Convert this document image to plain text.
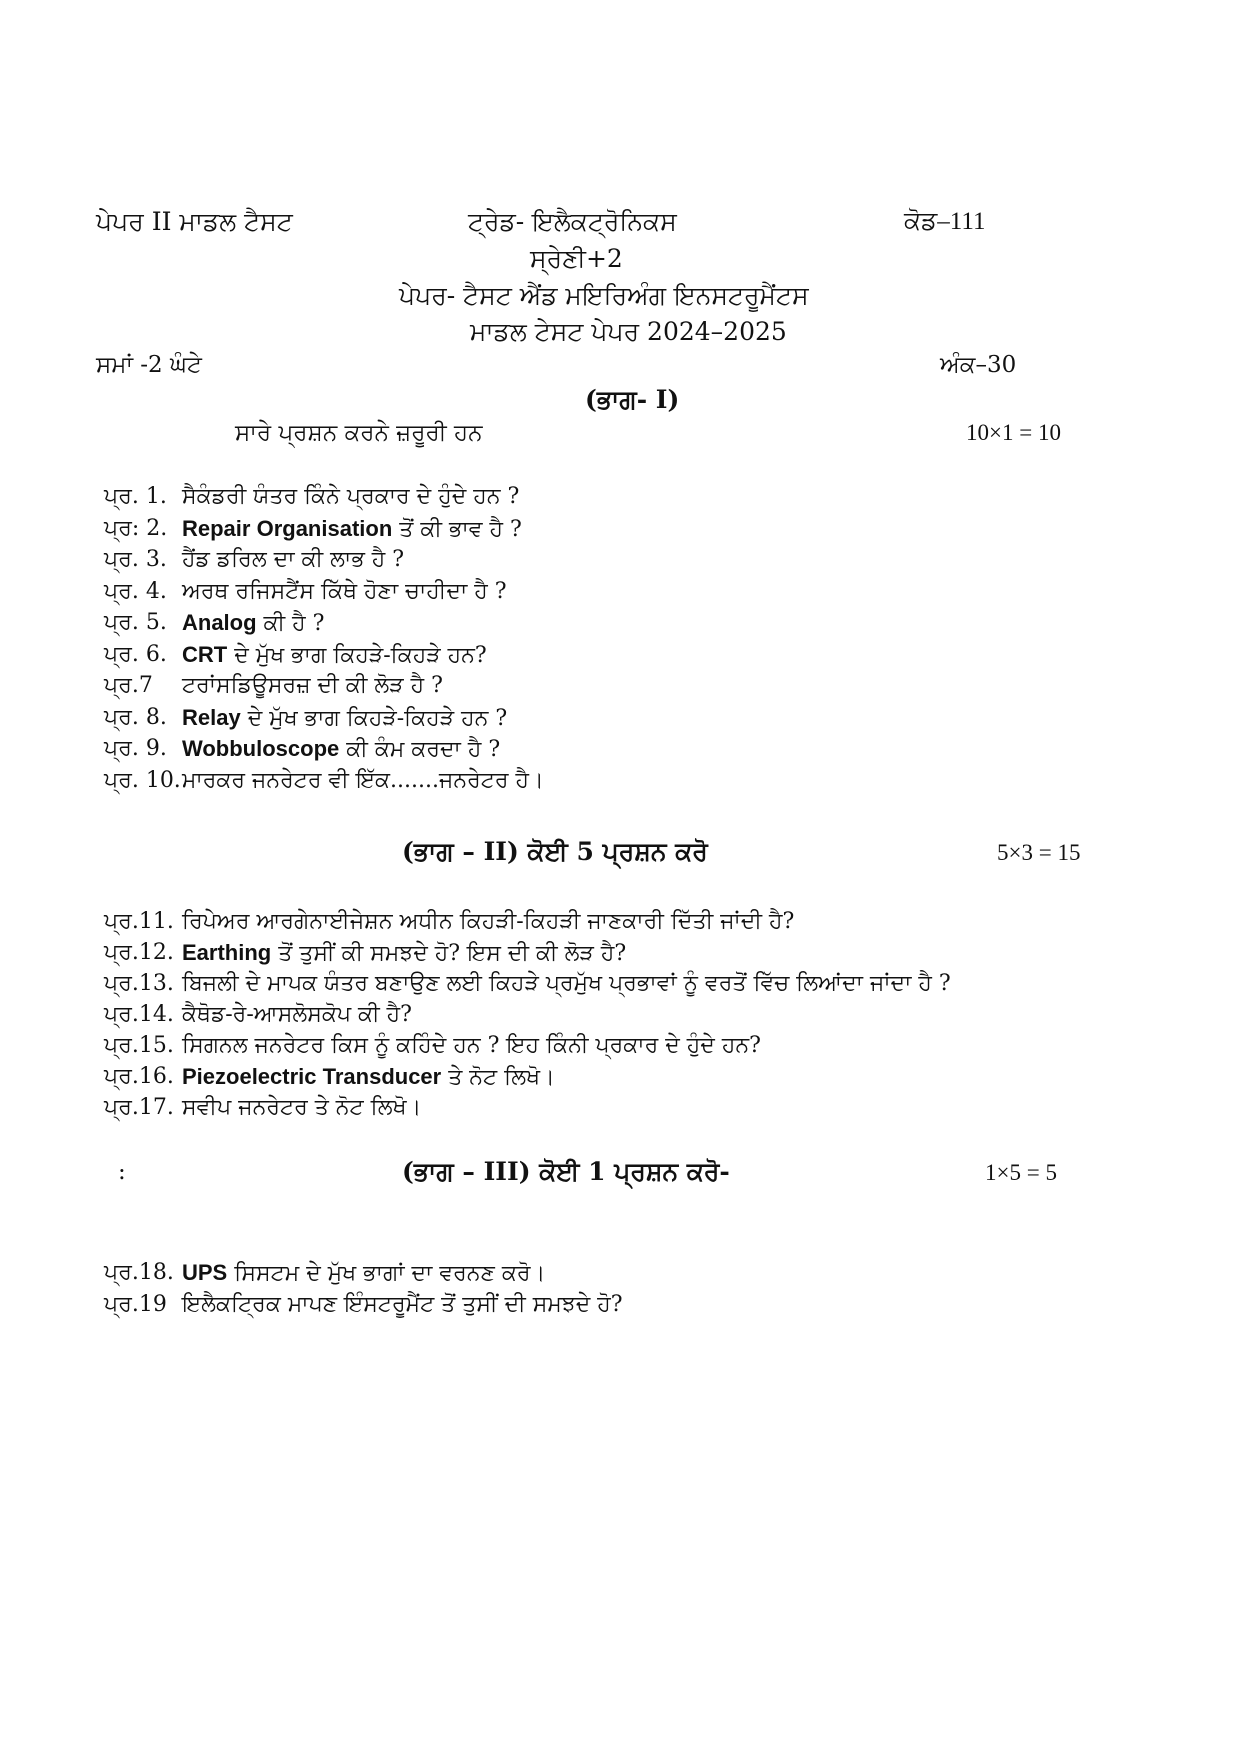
ਪੇਪਰ II ਮਾਡਲ ਟੈਸਟ	ਟ੍ਰੇਡ- ਇਲੈਕਟ੍ਰੋਨਿਕਸ	ਕੋਡ–111
ਸ੍ਰੇਣੀ+2
ਪੇਪਰ- ਟੈਸਟ ਐਂਡ ਮਇਰਿਅੰਗ ਇਨਸਟਰੂਮੈਂਟਸ
ਮਾਡਲ ਟੇਸਟ ਪੇਪਰ 2024–2025
ਸਮਾਂ -2 ਘੰਟੇ	ਅੰਕ–30
(ਭਾਗ- I)
ਸਾਰੇ ਪ੍ਰਸ਼ਨ ਕਰਨੇ ਜ਼ਰੂਰੀ ਹਨ	10×1 = 10
ਪ੍ਰ. 1. ਸੈਕੰਡਰੀ ਯੰਤਰ ਕਿੰਨੇ ਪ੍ਰਕਾਰ ਦੇ ਹੁੰਦੇ ਹਨ ?
ਪ੍ਰ: 2. Repair Organisation ਤੋਂ ਕੀ ਭਾਵ ਹੈ ?
ਪ੍ਰ. 3. ਹੈਂਡ ਡਰਿਲ ਦਾ ਕੀ ਲਾਭ ਹੈ ?
ਪ੍ਰ. 4. ਅਰਥ ਰਜਿਸਟੈਂਸ ਕਿੱਥੇ ਹੋਣਾ ਚਾਹੀਦਾ ਹੈ ?
ਪ੍ਰ. 5. Analog ਕੀ ਹੈ ?
ਪ੍ਰ. 6. CRT ਦੇ ਮੁੱਖ ਭਾਗ ਕਿਹੜੇ-ਕਿਹੜੇ ਹਨ?
ਪ੍ਰ.7 ਟਰਾਂਸਡਿਊਸਰਜ਼ ਦੀ ਕੀ ਲੋੜ ਹੈ ?
ਪ੍ਰ. 8. Relay ਦੇ ਮੁੱਖ ਭਾਗ ਕਿਹੜੇ-ਕਿਹੜੇ ਹਨ ?
ਪ੍ਰ. 9. Wobbuloscope ਕੀ ਕੰਮ ਕਰਦਾ ਹੈ ?
ਪ੍ਰ. 10. ਮਾਰਕਰ ਜਨਰੇਟਰ ਵੀ ਇੱਕ.......ਜਨਰੇਟਰ ਹੈ।
(ਭਾਗ – II) ਕੋਈ 5 ਪ੍ਰਸ਼ਨ ਕਰੋ	5×3 = 15
ਪ੍ਰ.11. ਰਿਪੇਅਰ ਆਰਗੇਨਾਈਜੇਸ਼ਨ ਅਧੀਨ ਕਿਹੜੀ-ਕਿਹੜੀ ਜਾਣਕਾਰੀ ਦਿੱਤੀ ਜਾਂਦੀ ਹੈ?
ਪ੍ਰ.12. Earthing ਤੋਂ ਤੁਸੀਂ ਕੀ ਸਮਝਦੇ ਹੋ? ਇਸ ਦੀ ਕੀ ਲੋੜ ਹੈ?
ਪ੍ਰ.13. ਬਿਜਲੀ ਦੇ ਮਾਪਕ ਯੰਤਰ ਬਣਾਉਣ ਲਈ ਕਿਹੜੇ ਪ੍ਰਮੁੱਖ ਪ੍ਰਭਾਵਾਂ ਨੂੰ ਵਰਤੋਂ ਵਿੱਚ ਲਿਆਂਦਾ ਜਾਂਦਾ ਹੈ ?
ਪ੍ਰ.14. ਕੈਥੋਡ-ਰੇ-ਆਸਲੋਸਕੋਪ ਕੀ ਹੈ?
ਪ੍ਰ.15. ਸਿਗਨਲ ਜਨਰੇਟਰ ਕਿਸ ਨੂੰ ਕਹਿੰਦੇ ਹਨ ? ਇਹ ਕਿੰਨੀ ਪ੍ਰਕਾਰ ਦੇ ਹੁੰਦੇ ਹਨ?
ਪ੍ਰ.16. Piezoelectric Transducer ਤੇ ਨੋਟ ਲਿਖੋ।
ਪ੍ਰ.17. ਸਵੀਪ ਜਨਰੇਟਰ ਤੇ ਨੋਟ ਲਿਖੋ।
:	(ਭਾਗ – III) ਕੋਈ 1 ਪ੍ਰਸ਼ਨ ਕਰੋ-	1×5 = 5
ਪ੍ਰ.18. UPS ਸਿਸਟਮ ਦੇ ਮੁੱਖ ਭਾਗਾਂ ਦਾ ਵਰਨਣ ਕਰੋ।
ਪ੍ਰ.19 ਇਲੈਕਟ੍ਰਿਕ ਮਾਪਣ ਇੰਸਟਰੂਮੈਂਟ ਤੋਂ ਤੁਸੀਂ ਦੀ ਸਮਝਦੇ ਹੋ?
